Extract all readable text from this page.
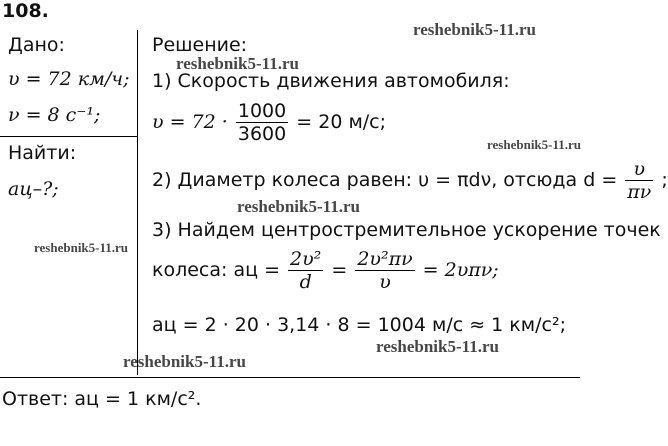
108.
Дано:
υ = 72 км/ч;
ν = 8 с⁻¹;
Найти:
aц–?;
Решение:
1) Скорость движения автомобиля:
$\upsilon = 72 \cdot \frac{1000}{3600} = 20$ м/с;
2) Диаметр колеса равен: υ = πdν, отсюда $d = \frac{\upsilon}{\pi\nu}$ ;
3) Найдем центростремительное ускорение точек
колеса: aц = $\frac{\text{2υ²}}{d} = \frac{\text{2υ²πν}}{\upsilon} = 2\upsilon\pi\nu$;
aц = 2 · 20 · 3,14 · 8 = 1004 м/с ≈ 1 км/с²;
Ответ: aц = 1 км/с².
reshebnik5-11.ru
reshebnik5-11.ru
reshebnik5-11.ru
reshebnik5-11.ru
reshebnik5-11.ru
reshebnik5-11.ru
reshebnik5-11.ru
